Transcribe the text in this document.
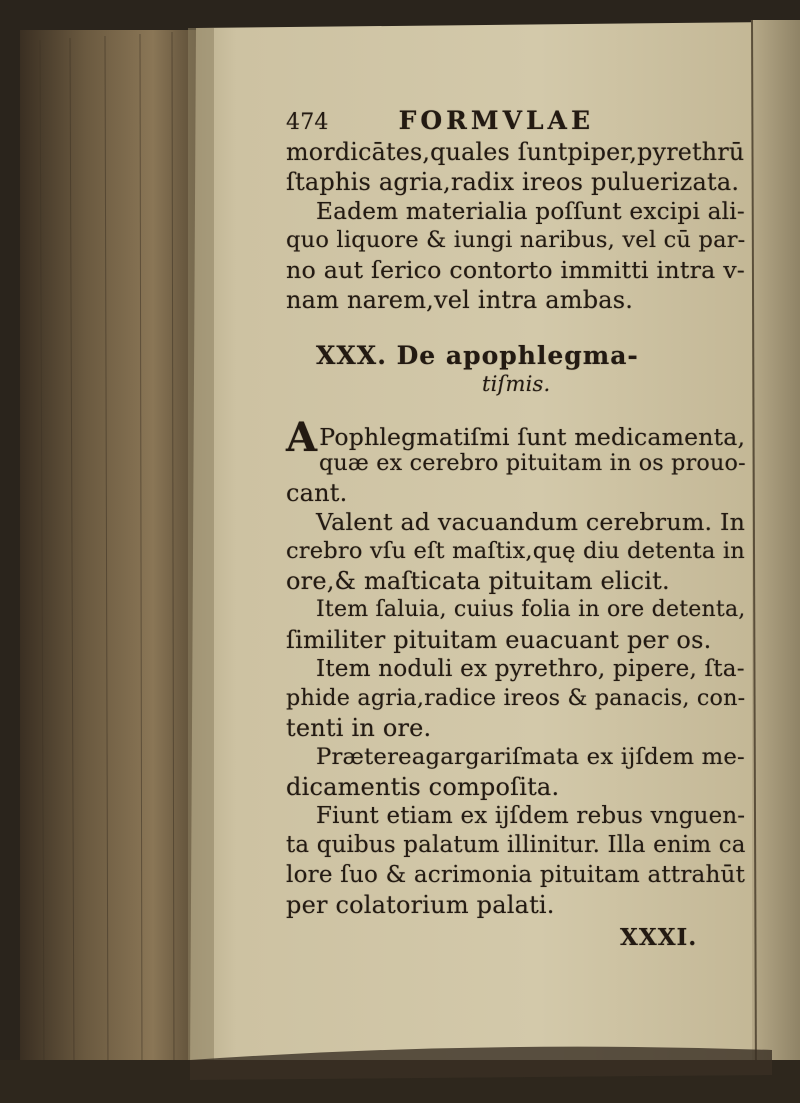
474	FORMVLAE

mordicātes,quales ſuntpiper,pyrethrū

ſtaphis agria,radix ireos puluerizata.

Eadem materialia poſſunt excipi ali-

quo liquore & iungi naribus, vel cū par-

no aut ſerico contorto immitti intra v-

nam narem,vel intra ambas.

XXX. De apophlegma-

tiſmis.

APophlegmatiſmi ſunt medicamenta,

quæ ex cerebro pituitam in os prouo-

cant.

Valent ad vacuandum cerebrum. In

crebro vſu eſt maſtix,quę diu detenta in

ore,& maſticata pituitam elicit.

Item ſaluia, cuius folia in ore detenta,

ſimiliter pituitam euacuant per os.

Item noduli ex pyrethro, pipere, ſta-

phide agria,radice ireos & panacis, con-

tenti in ore.

Prætereagargariſmata ex ijſdem me-

dicamentis compoſita.

Fiunt etiam ex ijſdem rebus vnguen-

ta quibus palatum illinitur. Illa enim ca

lore ſuo & acrimonia pituitam attrahūt

per colatorium palati.

XXXI.
